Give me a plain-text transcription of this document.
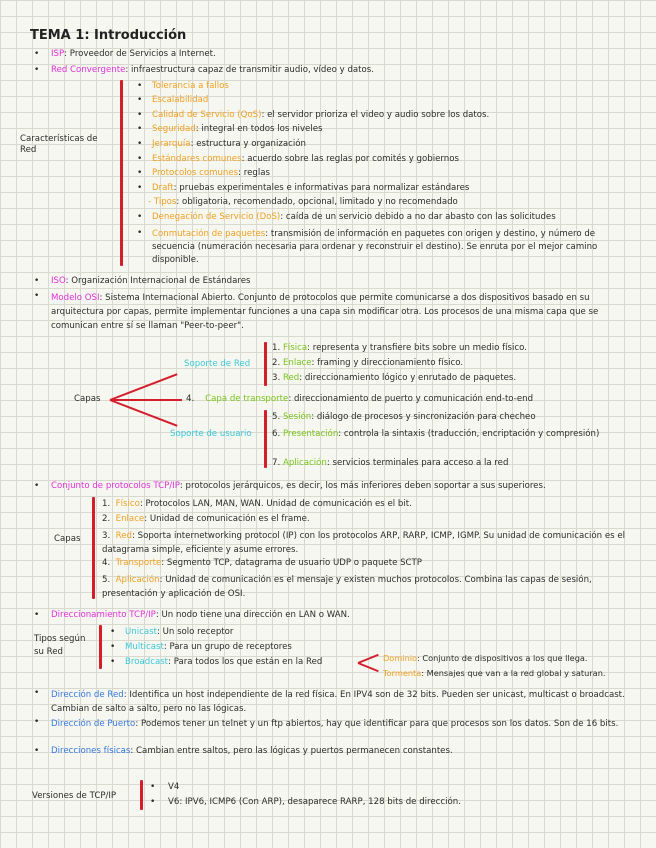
TEMA 1: Introducción
• ISP: Proveedor de Servicios a Internet.
• Red Convergente: infraestructura capaz de transmitir audio, vídeo y datos.
Características de Red
• Tolerancia a fallos
• Escalabilidad
• Calidad de Servicio (QoS): el servidor prioriza el video y audio sobre los datos.
• Seguridad: integral en todos los niveles
• Jerarquía: estructura y organización
• Estándares comunes: acuerdo sobre las reglas por comités y gobiernos
• Protocolos comunes: reglas
• Draft: pruebas experimentales e informativas para normalizar estándares
- Tipos: obligatoria, recomendado, opcional, limitado y no recomendado
• Denegación de Servicio (DoS): caída de un servicio debido a no dar abasto con las solicitudes
• Conmutación de paquetes: transmisión de información en paquetes con origen y destino, y número de secuencia (numeración necesaria para ordenar y reconstruir el destino). Se enruta por el mejor camino disponible.
• ISO: Organización Internacional de Estándares
• Modelo OSI: Sistema Internacional Abierto. Conjunto de protocolos que permite comunicarse a dos dispositivos basado en su arquitectura por capas, permite implementar funciones a una capa sin modificar otra. Los procesos de una misma capa que se comunican entre sí se llaman "Peer-to-peer".
Capas
Soporte de Red
Soporte de usuario
1. Física: representa y transfiere bits sobre un medio físico.
2. Enlace: framing y direccionamiento físico.
3. Red: direccionamiento lógico y enrutado de paquetes.
4. Capa de transporte: direccionamiento de puerto y comunicación end-to-end
5. Sesión: diálogo de procesos y sincronización para checheo
6. Presentación: controla la sintaxis (traducción, encriptación y compresión)
7. Aplicación: servicios terminales para acceso a la red
• Conjunto de protocolos TCP/IP: protocolos jerárquicos, es decir, los más inferiores deben soportar a sus superiores.
Capas
1. Físico: Protocolos LAN, MAN, WAN. Unidad de comunicación es el bit.
2. Enlace: Unidad de comunicación es el frame.
3. Red: Soporta internetworking protocol (IP) con los protocolos ARP, RARP, ICMP, IGMP. Su unidad de comunicación es el datagrama simple, eficiente y asume errores.
4. Transporte: Segmento TCP, datagrama de usuario UDP o paquete SCTP
5. Aplicación: Unidad de comunicación es el mensaje y existen muchos protocolos. Combina las capas de sesión, presentación y aplicación de OSI.
• Direccionamiento TCP/IP: Un nodo tiene una dirección en LAN o WAN.
Tipos según su Red
• Unicast: Un solo receptor
• Multicast: Para un grupo de receptores
• Broadcast: Para todos los que están en la Red	Dominio: Conjunto de dispositivos a los que llega.
Tormenta: Mensajes que van a la red global y saturan.
• Dirección de Red: Identifica un host independiente de la red física. En IPV4 son de 32 bits. Pueden ser unicast, multicast o broadcast. Cambian de salto a salto, pero no las lógicas.
• Dirección de Puerto: Podemos tener un telnet y un ftp abiertos, hay que identificar para que procesos son los datos. Son de 16 bits.
• Direcciones físicas: Cambian entre saltos, pero las lógicas y puertos permanecen constantes.
Versiones de TCP/IP
• V4
• V6: IPV6, ICMP6 (Con ARP), desaparece RARP, 128 bits de dirección.
